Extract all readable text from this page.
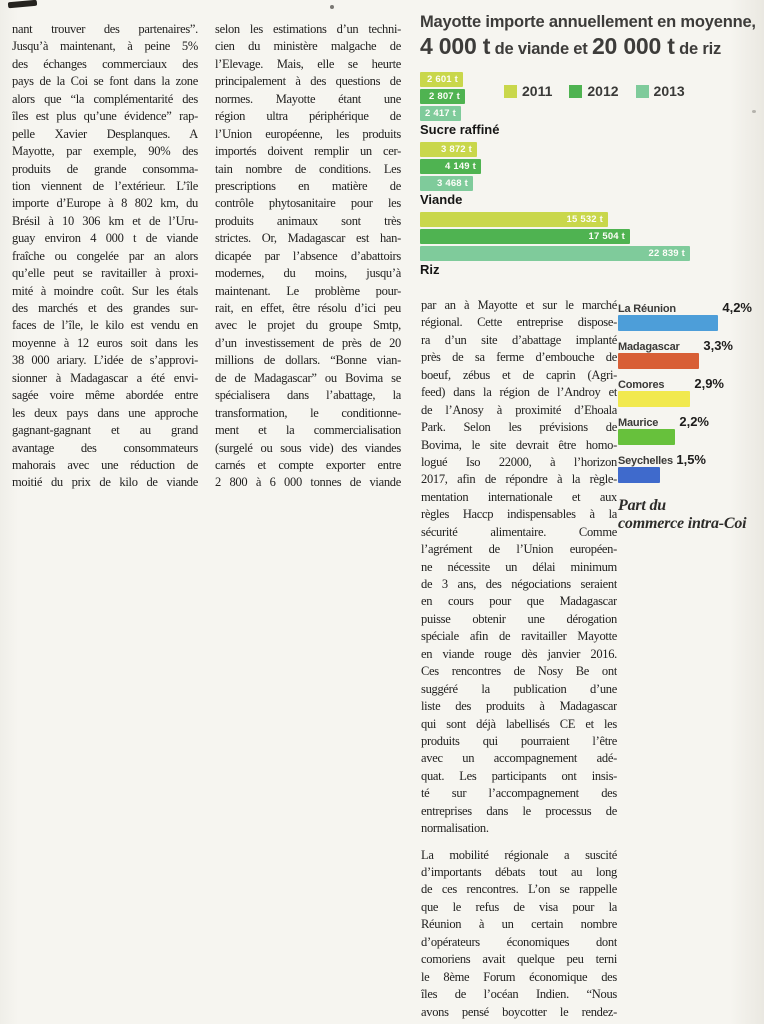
nant trouver des partenaires”.
Jusqu’à maintenant, à peine 5%
des échanges commerciaux des
pays de la Coi se font dans la zone
alors que “la complémentarité des
îles est plus qu’une évidence” rap-
pelle Xavier Desplanques. A
Mayotte, par exemple, 90% des
produits de grande consomma-
tion viennent de l’extérieur. L’île
importe d’Europe à 8 802 km, du
Brésil à 10 306 km et de l’Uru-
guay environ 4 000 t de viande
fraîche ou congelée par an alors
qu’elle peut se ravitailler à proxi-
mité à moindre coût. Sur les étals
des marchés et des grandes sur-
faces de l’île, le kilo est vendu en
moyenne à 12 euros soit dans les
38 000 ariary. L’idée de s’approvi-
sionner à Madagascar a été envi-
sagée voire même abordée entre
les deux pays dans une approche
gagnant-gagnant et au grand
avantage des consommateurs
mahorais avec une réduction de
moitié du prix de kilo de viande
selon les estimations d’un techni-
cien du ministère malgache de
l’Elevage. Mais, elle se heurte
principalement à des questions de
normes. Mayotte étant une
région ultra périphérique de
l’Union européenne, les produits
importés doivent remplir un cer-
tain nombre de conditions. Les
prescriptions en matière de
contrôle phytosanitaire pour les
produits animaux sont très
strictes. Or, Madagascar est han-
dicapée par l’absence d’abattoirs
modernes, du moins, jusqu’à
maintenant. Le problème pour-
rait, en effet, être résolu d’ici peu
avec le projet du groupe Smtp,
d’un investissement de près de 20
millions de dollars. “Bonne vian-
de de Madagascar” ou Bovima se
spécialisera dans l’abattage, la
transformation, le conditionne-
ment et la commercialisation
(surgelé ou sous vide) des viandes
carnés et compte exporter entre
2 800 à 6 000 tonnes de viande
par an à Mayotte et sur le marché
régional. Cette entreprise dispose-
ra d’un site d’abattage implanté
près de sa ferme d’embouche de
boeuf, zébus et de caprin (Agri-
feed) dans la région de l’Androy et
de l’Anosy à proximité d’Ehoala
Park. Selon les prévisions de
Bovima, le site devrait être homo-
logué Iso 22000, à l’horizon
2017, afin de répondre à la règle-
mentation internationale et aux
règles Haccp indispensables à la
sécurité alimentaire. Comme
l’agrément de l’Union européen-
ne nécessite un délai minimum
de 3 ans, des négociations seraient
en cours pour que Madagascar
puisse obtenir une dérogation
spéciale afin de ravitailler Mayotte
en viande rouge dès janvier 2016.
Ces rencontres de Nosy Be ont
suggéré la publication d’une
liste des produits à Madagascar
qui sont déjà labellisés CE et les
produits qui pourraient l’être
avec un accompagnement adé-
quat. Les participants ont insis-
té sur l’accompagnement des
entreprises dans le processus de
normalisation.
La mobilité régionale a suscité
d’importants débats tout au long
de ces rencontres. L’on se rappelle
que le refus de visa pour la
Réunion à un certain nombre
d’opérateurs économiques dont
comoriens avait quelque peu terni
le 8ème Forum économique des
îles de l’océan Indien. “Nous
avons pensé boycotter le rendez-
Mayotte importe annuellement en moyenne,
4 000 t de viande et 20 000 t de riz
2011	2012	2013
2 601 t
2 807 t
2 417 t
Sucre raffiné
3 872 t
4 149 t
3 468 t
Viande
15 532 t
17 504 t
22 839 t
Riz
La Réunion	4,2%
Madagascar 3,3%
Comores 2,9%
Maurice 2,2%
Seychelles 1,5%
Part du
commerce intra-Coi
